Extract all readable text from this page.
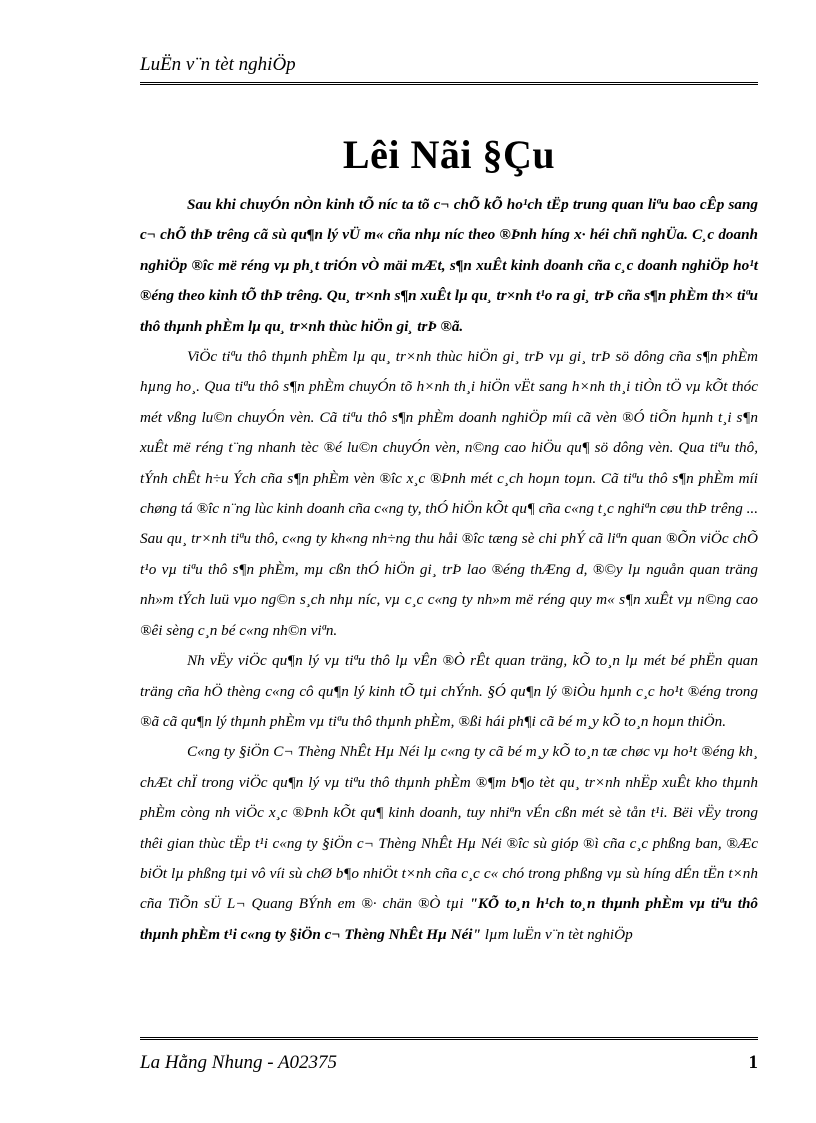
LuËn v¨n tèt nghiÖp
Lêi Nãi §Çu

Sau khi chuyÓn nÒn kinh tÕ níc ta tõ c¬ chÕ kÕ ho¹ch tËp trung quan liªu bao cÊp sang c¬ chÕ thÞ trêng cã sù qu¶n lý vÜ m« cña nhµ níc theo ®Þnh híng x· héi chñ nghÜa. C¸c doanh nghiÖp ®îc më réng vµ ph¸t triÓn vÒ mäi mÆt, s¶n xuÊt kinh doanh cña c¸c doanh nghiÖp ho¹t ®éng theo kinh tÕ thÞ trêng. Qu¸ tr×nh s¶n xuÊt lµ qu¸ tr×nh t¹o ra gi¸ trÞ cña s¶n phÈm th× tiªu thô thµnh phÈm lµ qu¸ tr×nh thùc hiÖn gi¸ trÞ ®ã.

ViÖc tiªu thô thµnh phÈm lµ qu¸ tr×nh thùc hiÖn gi¸ trÞ vµ gi¸ trÞ sö dông cña s¶n phÈm hµng ho¸. Qua tiªu thô s¶n phÈm chuyÓn tõ h×nh th¸i hiÖn vËt sang h×nh th¸i tiÒn tÖ vµ kÕt thóc mét vßng lu©n chuyÓn vèn. Cã tiªu thô s¶n phÈm doanh nghiÖp míi cã vèn ®Ó tiÕn hµnh t¸i s¶n xuÊt më réng t¨ng nhanh tèc ®é lu©n chuyÓn vèn, n©ng cao hiÖu qu¶ sö dông vèn. Qua tiªu thô, tÝnh chÊt h÷u Ých cña s¶n phÈm vèn ®îc x¸c ®Þnh mét c¸ch hoµn toµn. Cã tiªu thô s¶n phÈm míi chøng tá ®îc n¨ng lùc kinh doanh cña c«ng ty, thÓ hiÖn kÕt qu¶ cña c«ng t¸c nghiªn cøu thÞ trêng ... Sau qu¸ tr×nh tiªu thô, c«ng ty kh«ng nh÷ng thu håi ®îc tæng sè chi phÝ cã liªn quan ®Õn viÖc chÕ t¹o vµ tiªu thô s¶n phÈm, mµ cßn thÓ hiÖn gi¸ trÞ lao ®éng thÆng d, ®©y lµ nguån quan träng nh»m tÝch luü vµo ng©n s¸ch nhµ níc, vµ c¸c c«ng ty nh»m më réng quy m« s¶n xuÊt vµ n©ng cao ®êi sèng c¸n bé c«ng nh©n viªn.

Nh vËy viÖc qu¶n lý vµ tiªu thô lµ vÊn ®Ò rÊt quan träng, kÕ to¸n lµ mét bé phËn quan träng cña hÖ thèng c«ng cô qu¶n lý kinh tÕ tµi chÝnh. §Ó qu¶n lý ®iÒu hµnh c¸c ho¹t ®éng trong ®ã cã qu¶n lý thµnh phÈm vµ tiªu thô thµnh phÈm, ®ßi hái ph¶i cã bé m¸y kÕ to¸n hoµn thiÖn.

C«ng ty §iÖn C¬ Thèng NhÊt Hµ Néi lµ c«ng ty cã bé m¸y kÕ to¸n tæ chøc vµ ho¹t ®éng kh¸ chÆt chÏ trong viÖc qu¶n lý vµ tiªu thô thµnh phÈm ®¶m b¶o tèt qu¸ tr×nh nhËp xuÊt kho thµnh phÈm còng nh viÖc x¸c ®Þnh kÕt qu¶ kinh doanh, tuy nhiªn vÉn cßn mét sè tån t¹i. Bëi vËy trong thêi gian thùc tËp t¹i c«ng ty §iÖn c¬ Thèng NhÊt Hµ Néi ®îc sù gióp ®ì cña c¸c phßng ban, ®Æc biÖt lµ phßng tµi vô víi sù chØ b¶o nhiÖt t×nh cña c¸c c« chó trong phßng vµ sù híng dÉn tËn t×nh cña TiÕn sÜ L¬ Quang BÝnh em ®· chän ®Ò tµi "KÕ to¸n h¹ch to¸n thµnh phÈm vµ tiªu thô thµnh phÈm t¹i c«ng ty §iÖn c¬ Thèng NhÊt Hµ Néi" lµm luËn v¨n tèt nghiÖp

La Hằng Nhung - A02375	1
